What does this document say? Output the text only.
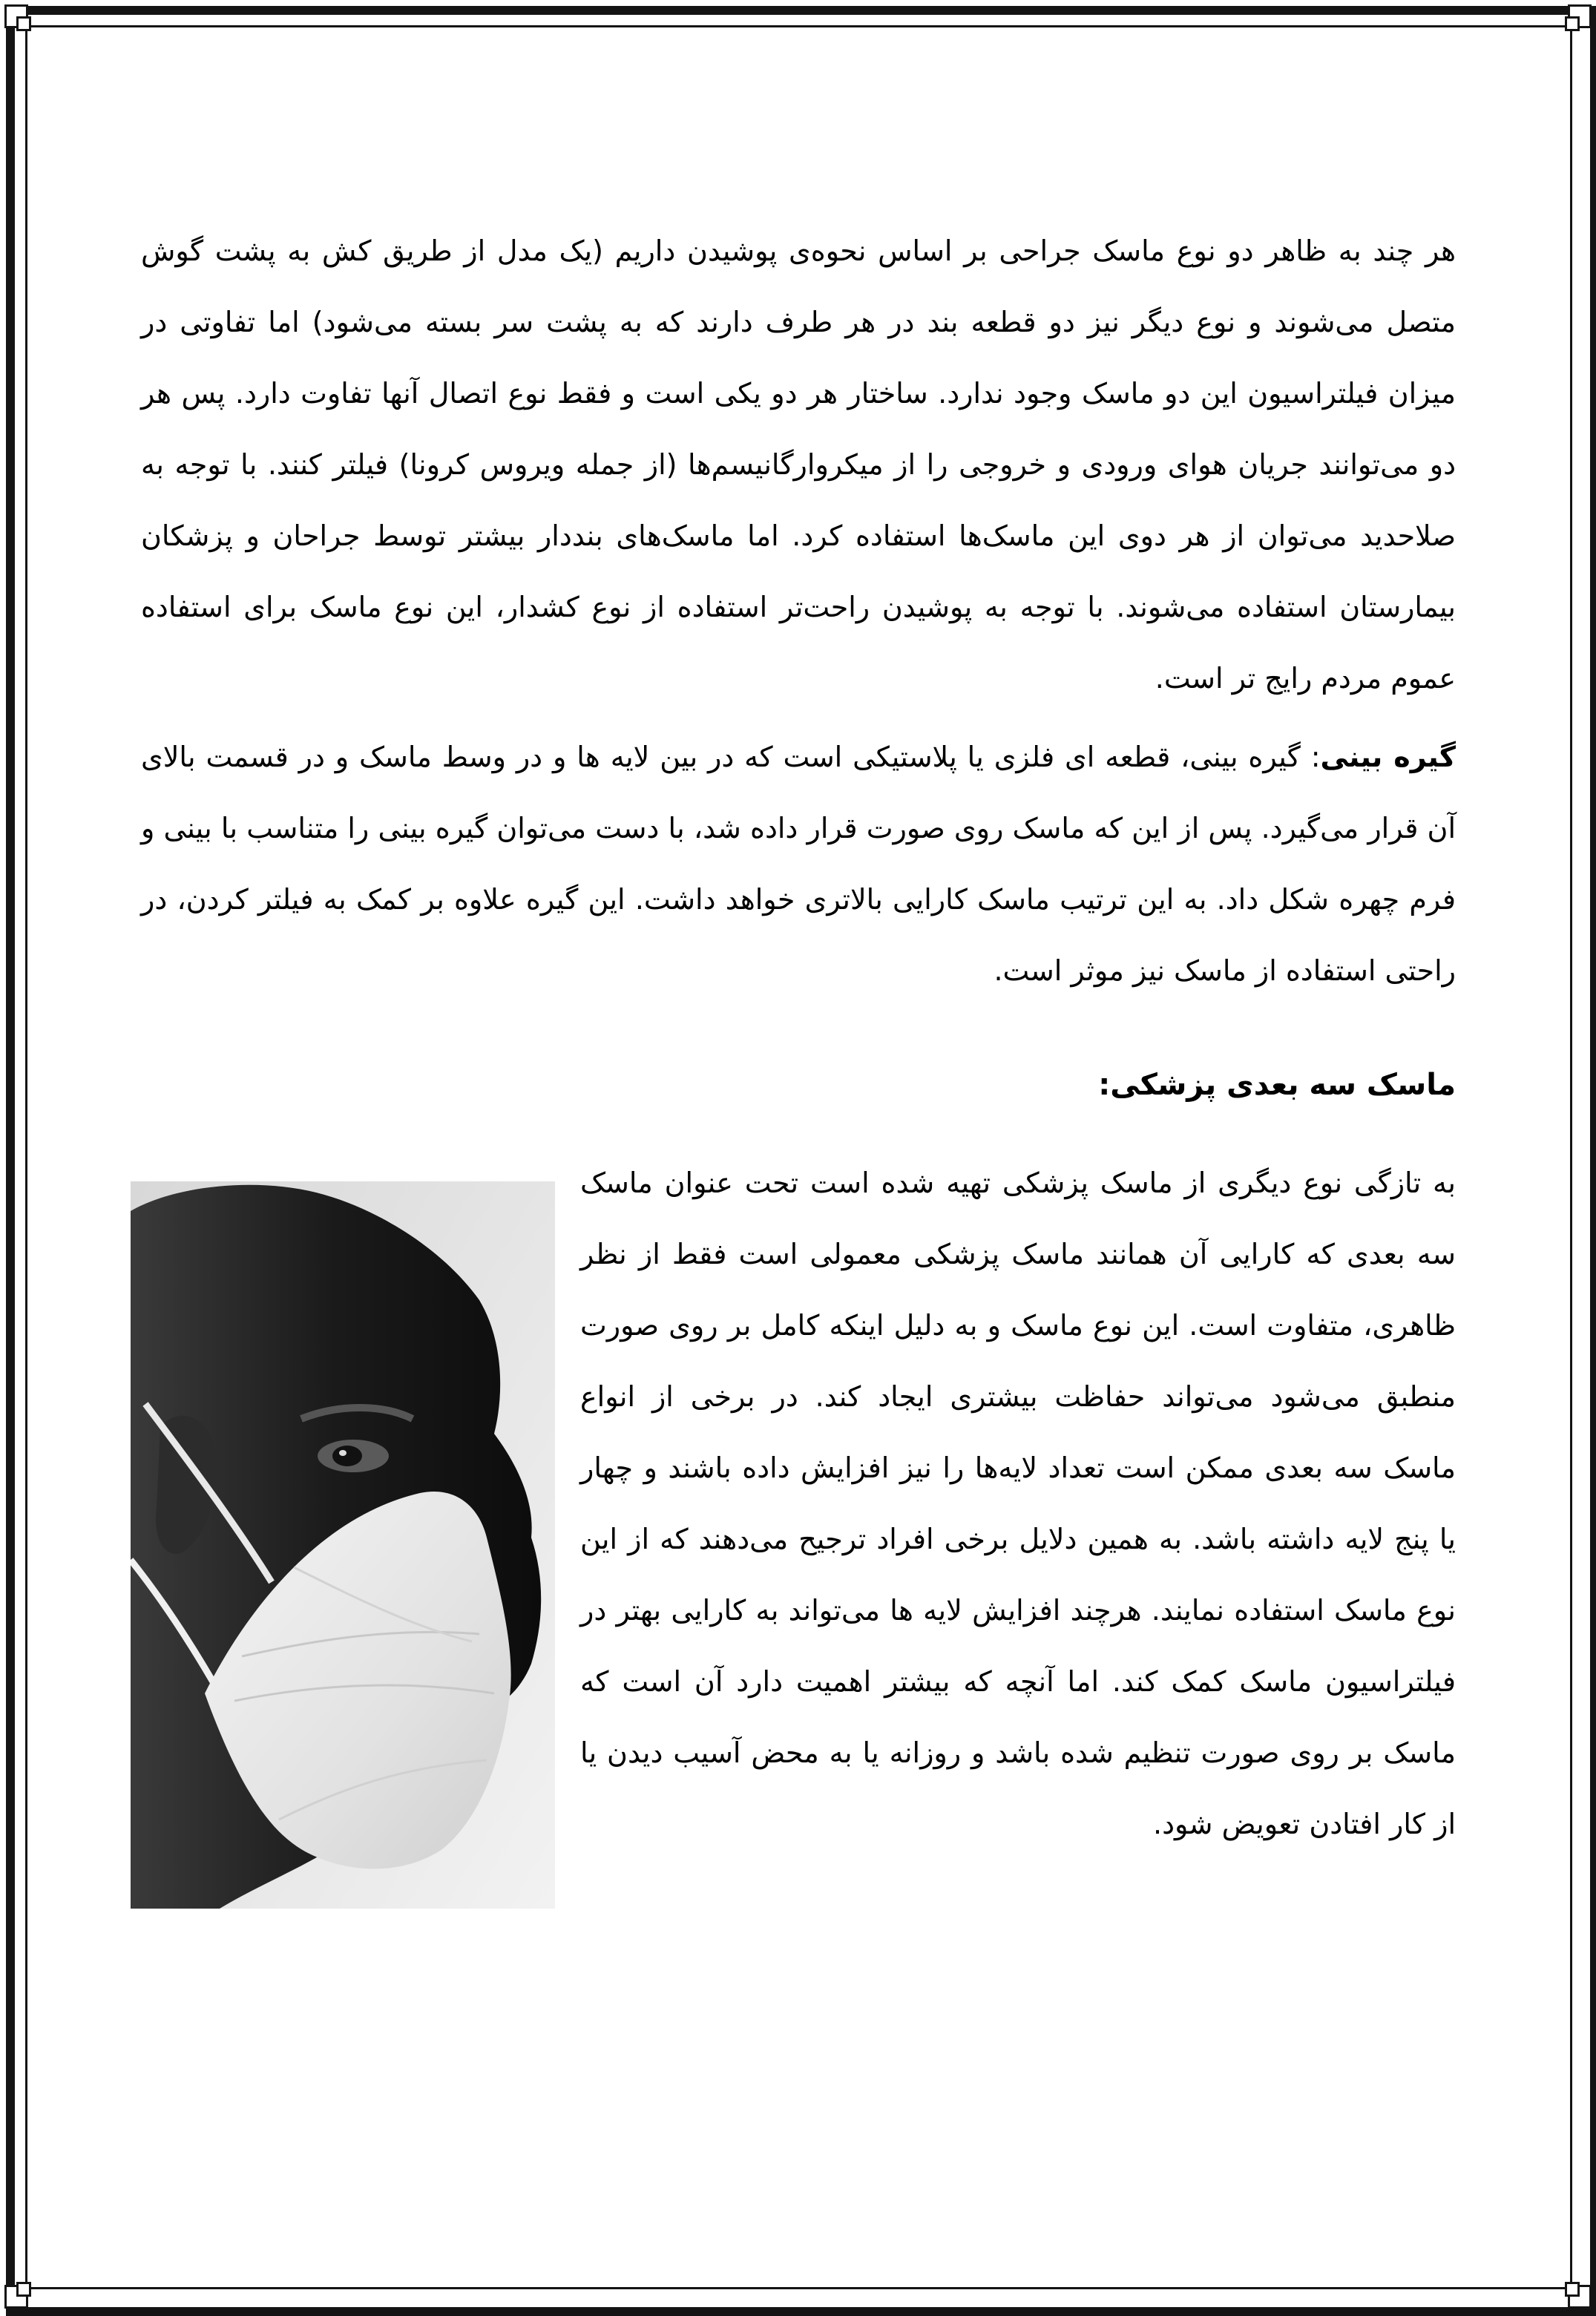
هر چند به ظاهر دو نوع ماسک جراحی بر اساس نحوه‌ی پوشیدن داریم (یک مدل از طریق کش به پشت گوش متصل می‌شوند و نوع دیگر نیز دو قطعه بند در هر طرف دارند که به پشت سر بسته می‌شود) اما تفاوتی در میزان فیلتراسیون این دو ماسک وجود ندارد. ساختار هر دو یکی است و فقط نوع اتصال آنها تفاوت دارد. پس هر دو می‌توانند جریان هوای ورودی و خروجی را از میکروارگانیسم‌ها (از جمله ویروس کرونا) فیلتر کنند. با توجه به صلاحدید می‌توان از هر دوی این ماسک‌ها استفاده کرد. اما ماسک‌های بنددار بیشتر توسط جراحان و پزشکان بیمارستان استفاده می‌شوند. با توجه به پوشیدن راحت‌تر استفاده از نوع کشدار، این نوع ماسک برای استفاده عموم مردم رایج تر است.

گیره بینی: گیره بینی، قطعه ای فلزی یا پلاستیکی است که در بین لایه ها و در وسط ماسک و در قسمت بالای آن قرار می‌گیرد. پس از این که ماسک روی صورت قرار داده شد، با دست می‌توان گیره بینی را متناسب با بینی و فرم چهره شکل داد. به این ترتیب ماسک کارایی بالاتری خواهد داشت. این گیره علاوه بر کمک به فیلتر کردن، در راحتی استفاده از ماسک نیز موثر است.

ماسک سه بعدی پزشکی:

به تازگی نوع دیگری از ماسک پزشکی تهیه شده است تحت عنوان ماسک سه بعدی که کارایی آن همانند ماسک پزشکی معمولی است فقط از نظر ظاهری، متفاوت است. این نوع ماسک و به دلیل اینکه کامل بر روی صورت منطبق می‌شود می‌تواند حفاظت بیشتری ایجاد کند. در برخی از انواع ماسک سه بعدی ممکن است تعداد لایه‌ها را نیز افزایش داده باشند و چهار یا پنج لایه داشته باشد. به همین دلایل برخی افراد ترجیح می‌دهند که از این نوع ماسک استفاده نمایند. هرچند افزایش لایه ها می‌تواند به کارایی بهتر در فیلتراسیون ماسک کمک کند. اما آنچه که بیشتر اهمیت دارد آن است که ماسک بر روی صورت تنظیم شده باشد و روزانه یا به محض آسیب دیدن یا از کار افتادن تعویض شود.
